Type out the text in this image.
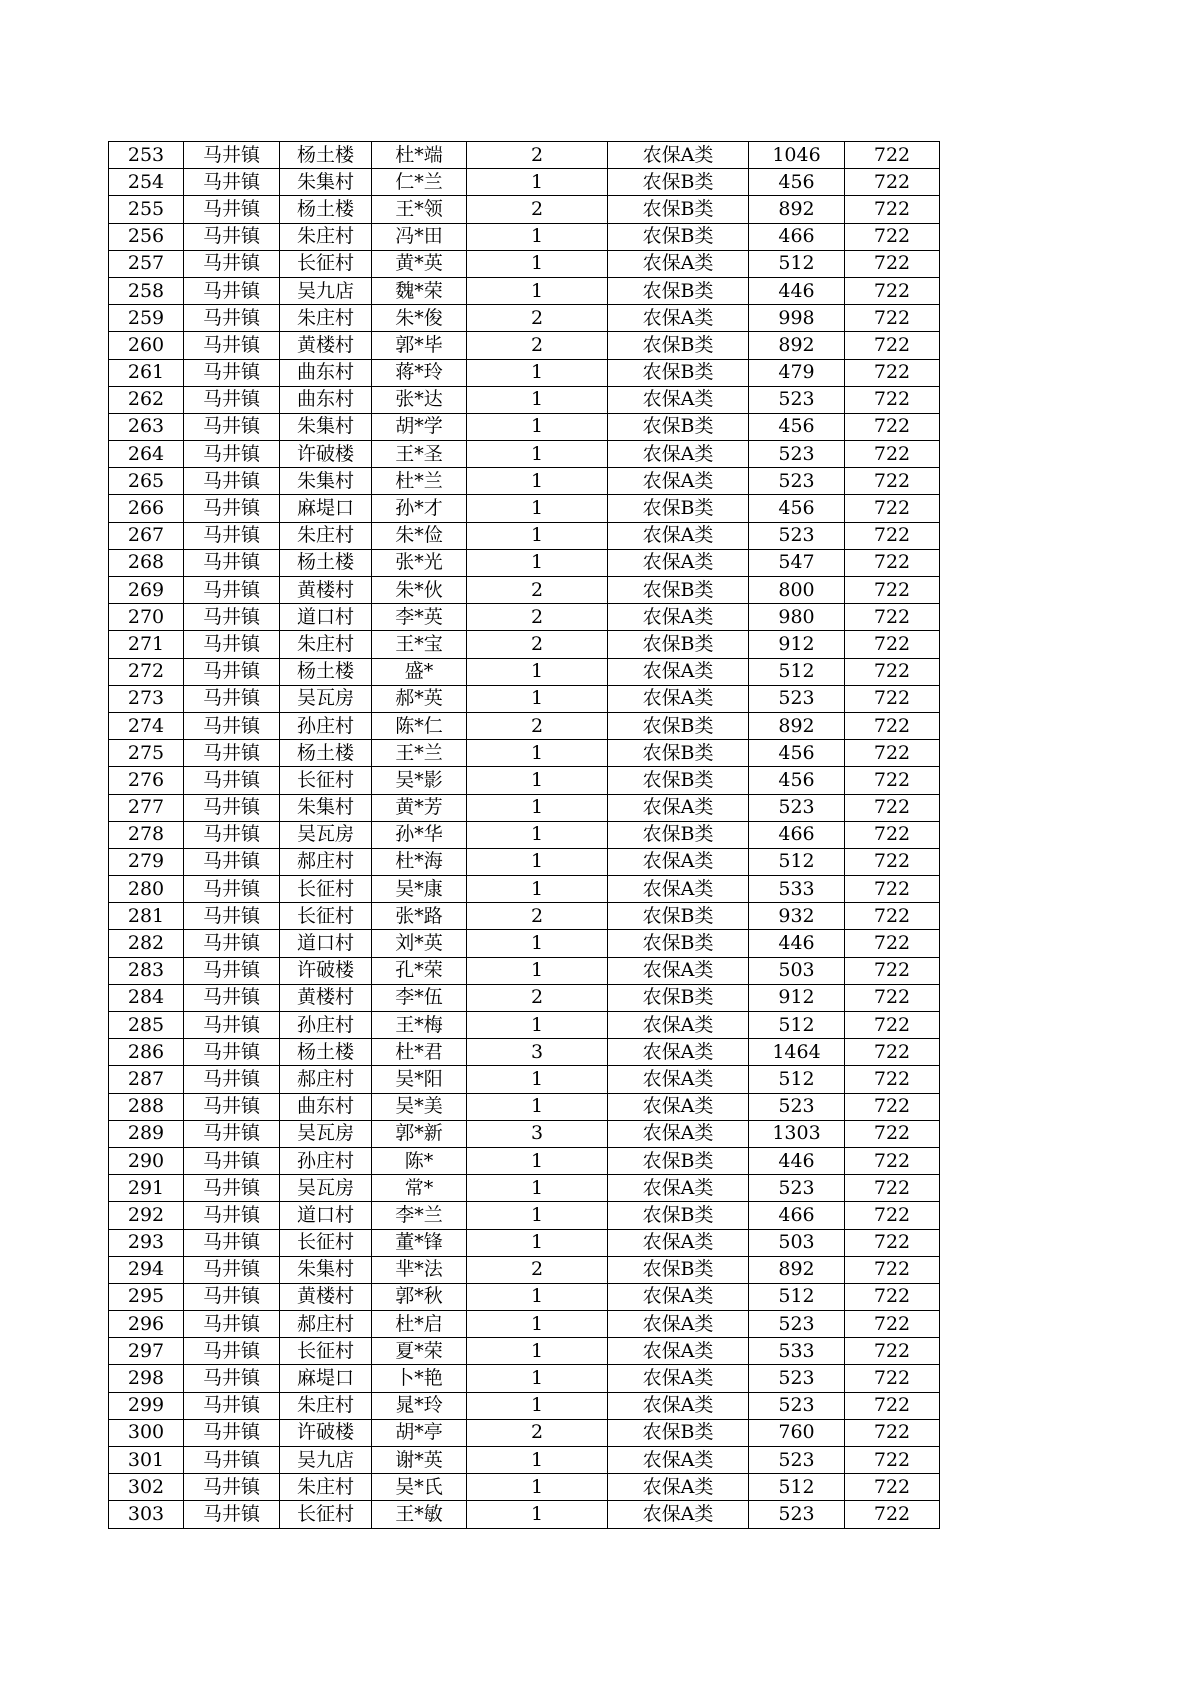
253	马井镇	杨土楼	杜*端	2	农保A类	1046	722
254	马井镇	朱集村	仁*兰	1	农保B类	456	722
255	马井镇	杨土楼	王*领	2	农保B类	892	722
256	马井镇	朱庄村	冯*田	1	农保B类	466	722
257	马井镇	长征村	黄*英	1	农保A类	512	722
258	马井镇	吴九店	魏*荣	1	农保B类	446	722
259	马井镇	朱庄村	朱*俊	2	农保A类	998	722
260	马井镇	黄楼村	郭*毕	2	农保B类	892	722
261	马井镇	曲东村	蒋*玲	1	农保B类	479	722
262	马井镇	曲东村	张*达	1	农保A类	523	722
263	马井镇	朱集村	胡*学	1	农保B类	456	722
264	马井镇	许破楼	王*圣	1	农保A类	523	722
265	马井镇	朱集村	杜*兰	1	农保A类	523	722
266	马井镇	麻堤口	孙*才	1	农保B类	456	722
267	马井镇	朱庄村	朱*俭	1	农保A类	523	722
268	马井镇	杨土楼	张*光	1	农保A类	547	722
269	马井镇	黄楼村	朱*伙	2	农保B类	800	722
270	马井镇	道口村	李*英	2	农保A类	980	722
271	马井镇	朱庄村	王*宝	2	农保B类	912	722
272	马井镇	杨土楼	盛*	1	农保A类	512	722
273	马井镇	吴瓦房	郝*英	1	农保A类	523	722
274	马井镇	孙庄村	陈*仁	2	农保B类	892	722
275	马井镇	杨土楼	王*兰	1	农保B类	456	722
276	马井镇	长征村	吴*影	1	农保B类	456	722
277	马井镇	朱集村	黄*芳	1	农保A类	523	722
278	马井镇	吴瓦房	孙*华	1	农保B类	466	722
279	马井镇	郝庄村	杜*海	1	农保A类	512	722
280	马井镇	长征村	吴*康	1	农保A类	533	722
281	马井镇	长征村	张*路	2	农保B类	932	722
282	马井镇	道口村	刘*英	1	农保B类	446	722
283	马井镇	许破楼	孔*荣	1	农保A类	503	722
284	马井镇	黄楼村	李*伍	2	农保B类	912	722
285	马井镇	孙庄村	王*梅	1	农保A类	512	722
286	马井镇	杨土楼	杜*君	3	农保A类	1464	722
287	马井镇	郝庄村	吴*阳	1	农保A类	512	722
288	马井镇	曲东村	吴*美	1	农保A类	523	722
289	马井镇	吴瓦房	郭*新	3	农保A类	1303	722
290	马井镇	孙庄村	陈*	1	农保B类	446	722
291	马井镇	吴瓦房	常*	1	农保A类	523	722
292	马井镇	道口村	李*兰	1	农保B类	466	722
293	马井镇	长征村	董*锋	1	农保A类	503	722
294	马井镇	朱集村	芈*法	2	农保B类	892	722
295	马井镇	黄楼村	郭*秋	1	农保A类	512	722
296	马井镇	郝庄村	杜*启	1	农保A类	523	722
297	马井镇	长征村	夏*荣	1	农保A类	533	722
298	马井镇	麻堤口	卜*艳	1	农保A类	523	722
299	马井镇	朱庄村	晁*玲	1	农保A类	523	722
300	马井镇	许破楼	胡*亭	2	农保B类	760	722
301	马井镇	吴九店	谢*英	1	农保A类	523	722
302	马井镇	朱庄村	吴*氏	1	农保A类	512	722
303	马井镇	长征村	王*敏	1	农保A类	523	722
